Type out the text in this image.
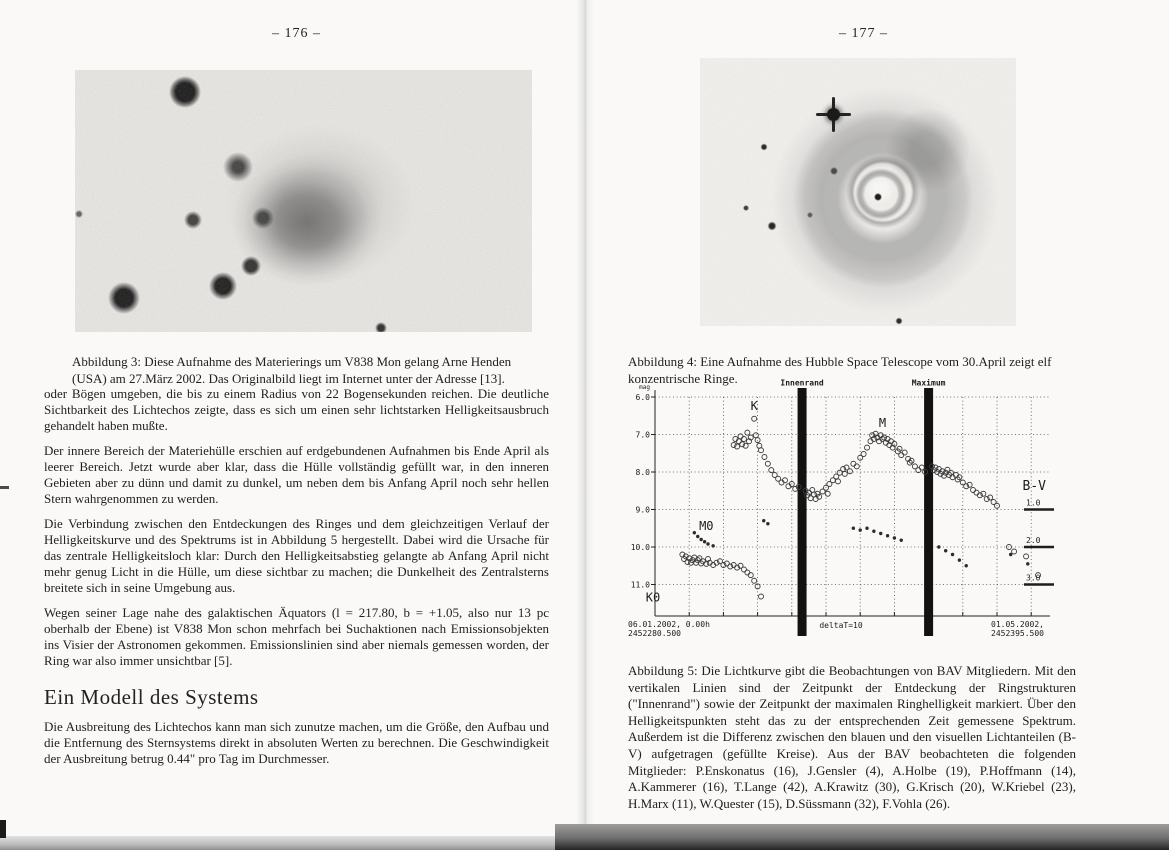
– 176 –

Abbildung 3: Diese Aufnahme des Materierings um V838 Mon gelang Arne Henden (USA) am 27.März 2002. Das Originalbild liegt im Internet unter der Adresse [13].

oder Bögen umgeben, die bis zu einem Radius von 22 Bogensekunden reichen. Die deutliche Sichtbarkeit des Lichtechos zeigte, dass es sich um einen sehr lichtstarken Helligkeitsausbruch gehandelt haben mußte.

Der innere Bereich der Materiehülle erschien auf erdgebundenen Aufnahmen bis Ende April als leerer Bereich. Jetzt wurde aber klar, dass die Hülle vollständig gefüllt war, in den inneren Gebieten aber zu dünn und damit zu dunkel, um neben dem bis Anfang April noch sehr hellen Stern wahrgenommen zu werden.

Die Verbindung zwischen den Entdeckungen des Ringes und dem gleichzeitigen Verlauf der Helligkeitskurve und des Spektrums ist in Abbildung 5 hergestellt. Dabei wird die Ursache für das zentrale Helligkeitsloch klar: Durch den Helligkeitsabstieg gelangte ab Anfang April nicht mehr genug Licht in die Hülle, um diese sichtbar zu machen; die Dunkelheit des Zentralsterns breitete sich in seine Umgebung aus.

Wegen seiner Lage nahe des galaktischen Äquators (l = 217.80, b = +1.05, also nur 13 pc oberhalb der Ebene) ist V838 Mon schon mehrfach bei Suchaktionen nach Emissionsobjekten ins Visier der Astronomen gekommen. Emissionslinien sind aber niemals gemessen worden, der Ring war also immer unsichtbar [5].

Ein Modell des Systems

Die Ausbreitung des Lichtechos kann man sich zunutze machen, um die Größe, den Aufbau und die Entfernung des Sternsystems direkt in absoluten Werten zu berechnen. Die Geschwindigkeit der Ausbreitung betrug 0.44" pro Tag im Durchmesser.

– 177 –

Abbildung 4: Eine Aufnahme des Hubble Space Telescope vom 30.April zeigt elf konzentrische Ringe.

6.0
7.0
8.0
9.0
10.0
11.0
mag	Innenrand	Maximum
B-V
1.0
2.0
3.0
K
M
M0
K0
06.01.2002, 0.00h
2452280.500
deltaT=10	01.05.2002,
2452395.500

Abbildung 5: Die Lichtkurve gibt die Beobachtungen von BAV Mitgliedern. Mit den vertikalen Linien sind der Zeitpunkt der Entdeckung der Ringstrukturen ("Innenrand") sowie der Zeitpunkt der maximalen Ringhelligkeit markiert. Über den Helligkeitspunkten steht das zu der entsprechenden Zeit gemessene Spektrum. Außerdem ist die Differenz zwischen den blauen und den visuellen Lichtanteilen (B-V) aufgetragen (gefüllte Kreise). Aus der BAV beobachteten die folgenden Mitglieder: P.Enskonatus (16), J.Gensler (4), A.Holbe (19), P.Hoffmann (14), A.Kammerer (16), T.Lange (42), A.Krawitz (30), G.Krisch (20), W.Kriebel (23), H.Marx (11), W.Quester (15), D.Süssmann (32), F.Vohla (26).
